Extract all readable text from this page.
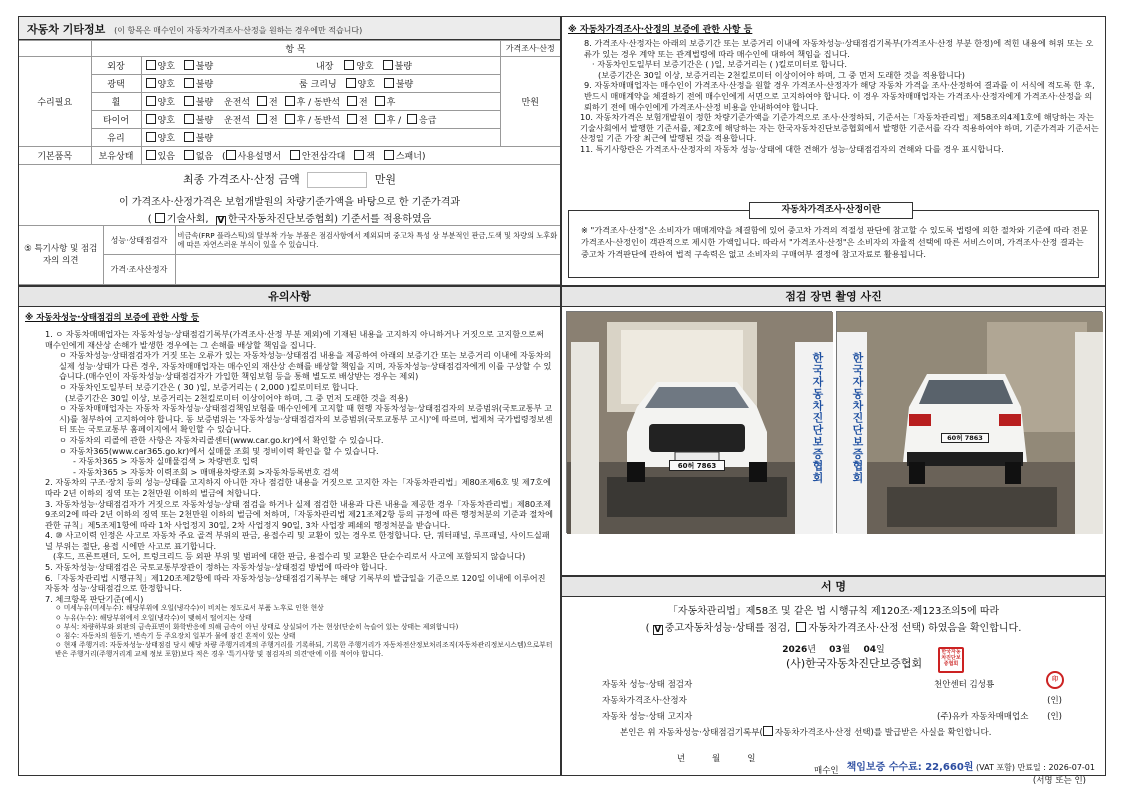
자동차 기타정보 (이 항목은 매수인이 자동차가격조사·산정을 원하는 경우에만 적습니다)
	항 목		가격조사·산정
수리필요	외장	양호 불량 내장 양호 불량	만원
	광택	양호 불량 룸 크리닝 양호 불량	
	휠	양호 불량 운전석 전 후 / 동반석 전 후	
	타이어	양호 불량 운전석 전 후 / 동반석 전 후 / 응급	
	유리	양호 불량	
기본품목	보유상태	있음 없음 ( 사용설명서 안전삼각대 잭 스패너)	
최종 가격조사·산정 금액	만원
이 가격조사·산정가격은 보험개발원의 차량기준가액을 바탕으로 한 기준가격과
( 기술사회, V 한국자동차진단보증협회) 기준서를 적용하였음
⑤ 특기사항 및 점검자의 의견	성능·상태점검자	비금속(FRP 플라스틱)의 탈부착 가능 부품은 점검사항에서 제외되며 중고차 특성 상 부분적인 판금,도색 및 차량의 노후화에 따른 자연스러운 부식이 있을 수 있습니다.
	가격·조사산정자	
※ 자동차가격조사·산정의 보증에 관한 사항 등
8. 가격조사·산정자는 아래의 보증기간 또는 보증거리 이내에 자동차성능·상태점검기록부(가격조사·산정 부분 한정)에 적힌 내용에 허위 또는 오류가 있는 경우 계약 또는 관계법령에 따라 매수인에 대하여 책임을 집니다.
· 자동차인도일부터 보증기간은 ( )일, 보증거리는 ( )킬로미터로 합니다.
(보증기간은 30일 이상, 보증거리는 2천킬로미터 이상이어야 하며, 그 중 먼저 도래한 것을 적용합니다)
9. 자동차매매업자는 매수인이 가격조사·산정을 원할 경우 가격조사·산정자가 해당 자동차 가격을 조사·산정하여 결과를 이 서식에 적도록 한 후, 반드시 매매계약을 체결하기 전에 매수인에게 서면으로 고지하여야 합니다. 이 경우 자동차매매업자는 가격조사·산정자에게 가격조사·산정을 의뢰하기 전에 매수인에게 가격조사·산정 비용을 안내하여야 합니다.
10. 자동차가격은 보험개발원이 정한 차량기준가액을 기준가격으로 조사·산정하되, 기준서는「자동차관리법」제58조의4제1호에 해당하는 자는 기술사회에서 발행한 기준서를, 제2호에 해당하는 자는 한국자동차진단보증협회에서 발행한 기준서를 각각 적용하여야 하며, 기준가격과 기준서는 산정일 기준 가장 최근에 발행된 것을 적용합니다.
11. 특기사항란은 가격조사·산정자의 자동차 성능·상태에 대한 견해가 성능·상태점검자의 견해와 다를 경우 표시합니다.
※ "가격조사·산정"은 소비자가 매매계약을 체결함에 있어 중고차 가격의 적절성 판단에 참고할 수 있도록 법령에 의한 절차와 기준에 따라 전문 가격조사·산정인이 객관적으로 제시한 가액입니다. 따라서 "가격조사·산정"은 소비자의 자율적 선택에 따른 서비스이며, 가격조사·산정 결과는 중고차 가격판단에 관하여 법적 구속력은 없고 소비자의 구매여부 결정에 참고자료로 활용됩니다.
자동차가격조사·산정이란
유의사항
※ 자동차성능·상태점검의 보증에 관한 사항 등
1. ㅇ 자동차매매업자는 자동차성능·상태점검기록부(가격조사·산정 부분 제외)에 기재된 내용을 고지하지 아니하거나 거짓으로 고지함으로써 매수인에게 재산상 손해가 발생한 경우에는 그 손해를 배상할 책임을 집니다.
ㅇ 자동차성능·상태점검자가 거짓 또는 오류가 있는 자동차성능·상태점검 내용을 제공하여 아래의 보증기간 또는 보증거리 이내에 자동차의 실제 성능·상태가 다른 경우, 자동차매매업자는 매수인의 재산상 손해를 배상할 책임을 지며, 자동차성능·상태점검자에게 이를 구상할 수 있습니다.(매수인이 자동차성능·상태점검자가 가입한 책임보험 등을 통해 별도로 배상받는 경우는 제외)
ㅇ 자동차인도일부터 보증기간은 ( 30 )일, 보증거리는 ( 2,000 )킬로미터로 합니다.
(보증기간은 30일 이상, 보증거리는 2천킬로미터 이상이어야 하며, 그 중 먼저 도래한 것을 적용)
ㅇ 자동차매매업자는 자동차 자동차성능·상태점검책임보험를 매수인에게 고지할 때 현행 자동차성능·상태점검자의 보증범위(국토교통부 고시)를 첨부하여 고지하여야 합니다. 동 보증범위는 '자동차성능·상태점검자의 보증범위(국토교통부 고시)'에 따르며, 법제처 국가법령정보센터 또는 국토교통부 홈페이지에서 확인할 수 있습니다.
ㅇ 자동차의 리콜에 관한 사항은 자동차리콜센터(www.car.go.kr)에서 확인할 수 있습니다.
ㅇ 자동차365(www.car365.go.kr)에서 실매물 조회 및 정비이력 확인을 할 수 있습니다.
- 자동차365 > 자동차 실매물검색 > 차량번호 입력
- 자동차365 > 자동차 이력조회 > 매매용차량조회 >자동차등록번호 검색
2. 자동차의 구조·장치 등의 성능·상태를 고지하지 아니한 자나 점검한 내용을 거짓으로 고지한 자는「자동차관리법」제80조제6호 및 제7호에 따라 2년 이하의 징역 또는 2천만원 이하의 벌금에 처합니다.
3. 자동차성능·상태점검자가 거짓으로 자동차성능·상태 점검을 하거나 실제 점검한 내용과 다른 내용을 제공한 경우「자동차관리법」제80조제9조의2에 따라 2년 이하의 징역 또는 2천만원 이하의 벌금에 처하며,「자동차관리법 제21조제2항 등의 규정에 따른 행정처분의 기준과 절차에 관한 규칙」제5조제1항에 따라 1차 사업정지 30일, 2차 사업정지 90일, 3차 사업장 폐쇄의 행정처분을 받습니다.
4. ⑩ 사고이력 인정은 사고로 자동차 주요 골격 부위의 판금, 용접수리 및 교환이 있는 경우로 한정합니다. 단, 쿼터패널, 루프패널, 사이드실패널 부위는 절단, 용접 시에만 사고로 표기합니다.
(후드, 프론트펜더, 도어, 트렁크리드 등 외판 부위 및 범퍼에 대한 판금, 용접수리 및 교환은 단순수리로서 사고에 포함되지 않습니다)
5. 자동차성능·상태점검은 국토교통부장관이 정하는 자동차성능·상태점검 방법에 따라야 합니다.
6.「자동차관리법 시행규칙」제120조제2항에 따라 자동차성능·상태점검기록부는 해당 기록부의 발급일을 기준으로 120일 이내에 이루어진 자동차 성능·상태점검으로 한정합니다.
7. 체크항목 판단기준(예시)
ㅇ 미세누유(미세누수): 해당부위에 오일(냉각수)이 비치는 정도로서 부품 노후로 인한 현상
ㅇ 누유(누수): 해당부위에서 오일(냉각수)이 맺혀서 떨어지는 상태
ㅇ 부식: 차량하부와 외판의 금속표면이 화학반응에 의해 금속이 아닌 상태로 상실되어 가는 현상(단순히 녹슬어 있는 상태는 제외합니다)
ㅇ 침수: 자동차의 원동기, 변속기 등 주요장치 일부가 물에 잠긴 흔적이 있는 상태
ㅇ 현재 주행거리: 자동차성능·상태점검 당시 해당 차량 주행거리계의 주행거리를 기록하되, 기록한 주행거리가 자동차전산정보처리조직(자동차관리정보시스템)으로부터 받은 주행거리(주행거리계 교체 정보 포함)보다 적은 경우 '특기사항 및 점검자의 의견'란에 이를 적어야 합니다.
점검 장면 촬영 사진
60허 7863	한국자동차진단보증협회	60허 7863
한국자동차진단보증협회
서 명
「자동차관리법」제58조 및 같은 법 시행규칙 제120조·제123조의5에 따라
( V 중고자동차성능·상태를 점검, 자동차가격조사·산정 선택) 하였음을 확인합니다.
2026년 03월 04일
(사)한국자동차진단보증협회
한국자동차진단보증협회
자동차 성능·상태 점검자	천안센터 김성룡
印
자동차가격조사·산정자	(인)
자동차 성능·상태 고지자	(주)유카 자동차매매업소 (인)
본인은 위 자동차성능·상태점검기록부( 자동차가격조사·산정 선택)를 발급받은 사실을 확인합니다.

년          월          일

매수인

(서명 또는 인)

책임보증 수수료: 22,660원 (VAT 포함) 만료일 : 2026-07-01
